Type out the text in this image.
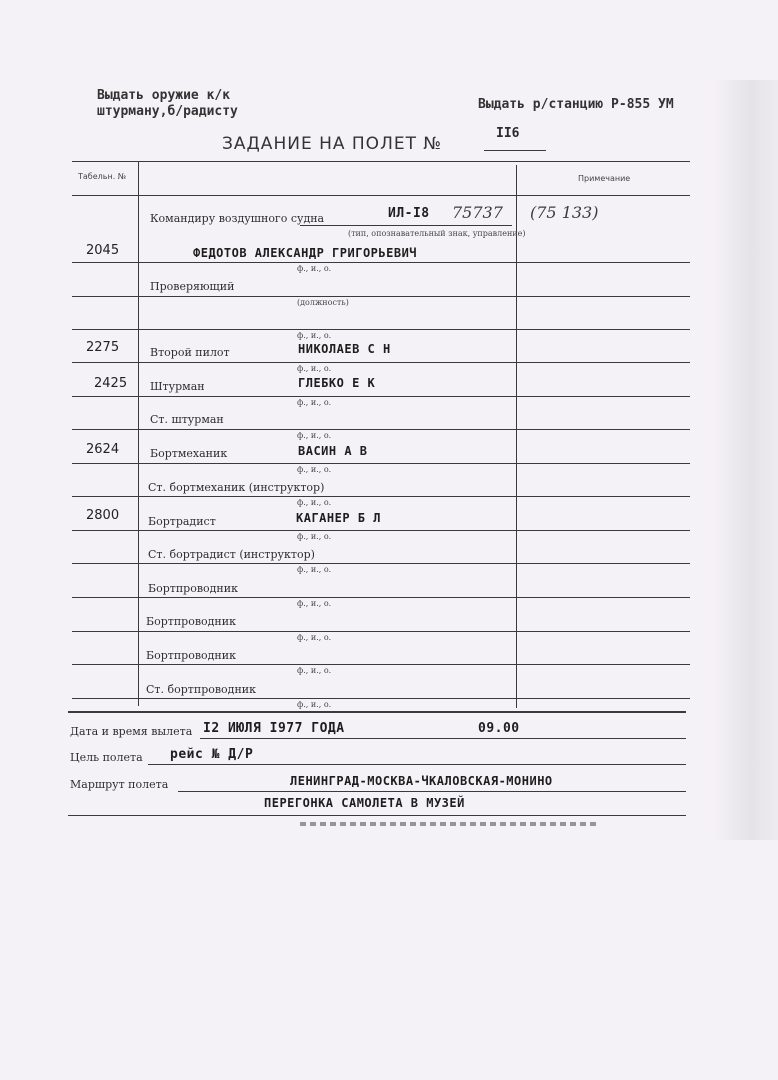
Выдать оружие к/к
штурману,б/радисту	Выдать р/станцию Р-855 УМ
ЗАДАНИЕ НА ПОЛЕТ №
II6
Табельн. №	Примечание
Командиру воздушного судна	ИЛ-I8 75737 (75 133)
(тип, опознавательный знак, управление)
2045	ФЕДОТОВ АЛЕКСАНДР ГРИГОРЬЕВИЧ
ф., и., о.
Проверяющий
(должность)
ф., и., о.
2275	Второй пилот	НИКОЛАЕВ С Н
ф., и., о.
2425 Штурман	ГЛЕБКО Е К
ф., и., о.
Ст. штурман
ф., и., о.
2624	Бортмеханик	ВАСИН А В
ф., и., о.
Ст. бортмеханик (инструктор)
ф., и., о.
2800	Бортрадист	КАГАНЕР Б Л
ф., и., о.
Ст. бортрадист (инструктор)
ф., и., о.
Бортпроводник
ф., и., о.
Бортпроводник
ф., и., о.
Бортпроводник
ф., и., о.
Ст. бортпроводник
ф., и., о.
Дата и время вылета I2 ИЮЛЯ I977 ГОДА	09.00
Цель полета рейс № Д/Р
Маршрут полета	ЛЕНИНГРАД-МОСКВА-ЧКАЛОВСКАЯ-МОНИНО
ПЕРЕГОНКА САМОЛЕТА В МУЗЕЙ
